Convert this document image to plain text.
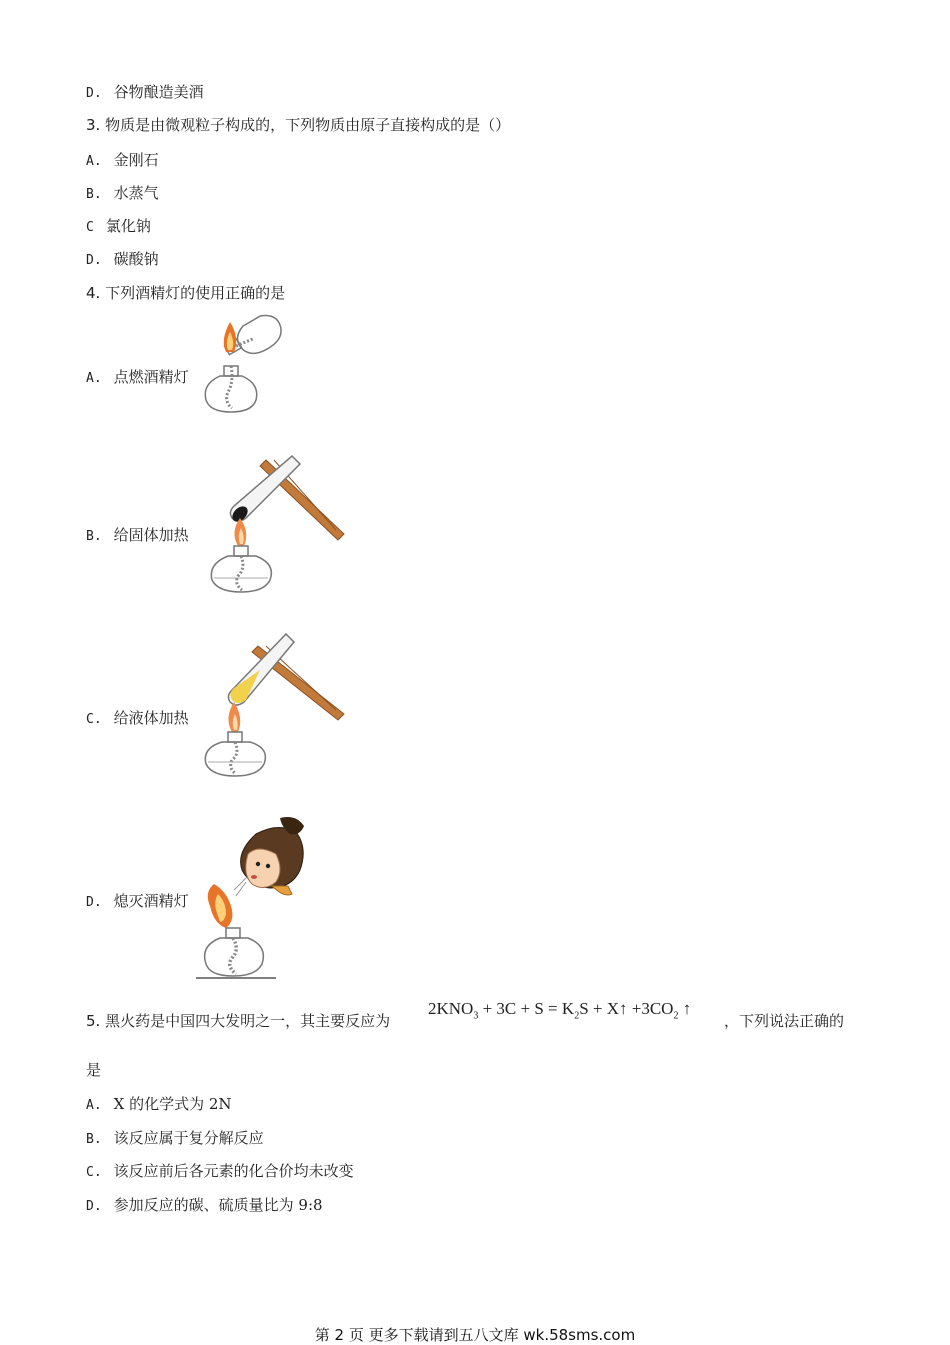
D. 谷物酿造美酒
3. 物质是由微观粒子构成的，下列物质由原子直接构成的是（）
A. 金刚石
B. 水蒸气
C 氯化钠
D. 碳酸钠
4. 下列酒精灯的使用正确的是
A. 点燃酒精灯
B. 给固体加热
C. 给液体加热
D. 熄灭酒精灯
5. 黑火药是中国四大发明之一，其主要反应为
$2KNO_3 + 3C + S = K_2S$ + X↑ $+3CO_2$ ↑
，下列说法正确的
是
A. X 的化学式为 2N
B. 该反应属于复分解反应
C. 该反应前后各元素的化合价均未改变
D. 参加反应的碳、硫质量比为 9:8
第 2 页 更多下载请到五八文库 wk.58sms.com
